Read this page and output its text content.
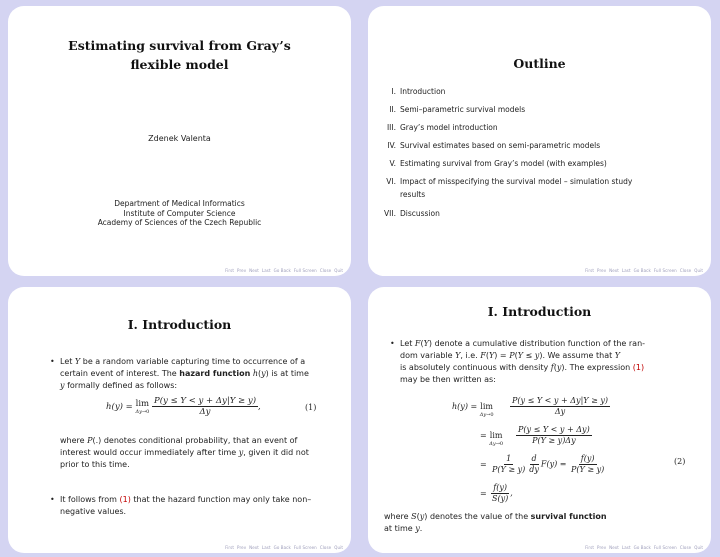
Estimating survival from Gray’s
flexible model
Zdenek Valenta
Department of Medical Informatics
Institute of Computer Science
Academy of Sciences of the Czech Republic
First Prev Next Last Go Back Full Screen Close Quit
Outline
I. Introduction
II. Semi–parametric survival models
III. Gray’s model introduction
IV. Survival estimates based on semi-parametric models
V. Estimating survival from Gray’s model (with examples)
VI. Impact of misspecifying the survival model – simulation study
results
VII. Discussion
First Prev Next Last Go Back Full Screen Close Quit
I. Introduction
• Let Y be a random variable capturing time to occurrence of a
certain event of interest. The hazard function h(y) is at time
y formally defined as follows:
h(y) = lim
Δy→0
$\frac{P(y \le Y < y + \Delta y|Y \ge y)}{\Delta y}$ ,	(1)
where P(.) denotes conditional probability, that an event of
interest would occur immediately after time y, given it did not
prior to this time.
• It follows from (1) that the hazard function may only take non–
negative values.
First Prev Next Last Go Back Full Screen Close Quit
I. Introduction
• Let F(Y) denote a cumulative distribution function of the ran-
dom variable Y, i.e. F(Y) = P(Y ≤ y). We assume that Y
is absolutely continuous with density f(y). The expression (1)
may be then written as:
h(y) = lim
$\Delta y\to 0 \frac{P(y \le Y < y + \Delta y|Y \ge y)}{\Delta y}$
= lim
$\Delta y\to 0 \frac{P(y \le Y < y + \Delta y)}{P(Y \ge y)\Delta y}$
= $\frac{1}{P(Y \ge y)} \frac{d}{dy} F(y) = \frac{f(y)}{P(Y \ge y)}$
= $\frac{f(y)}{S(y)}$ ,
(2)
where S(y) denotes the value of the survival function
at time y.
First Prev Next Last Go Back Full Screen Close Quit
